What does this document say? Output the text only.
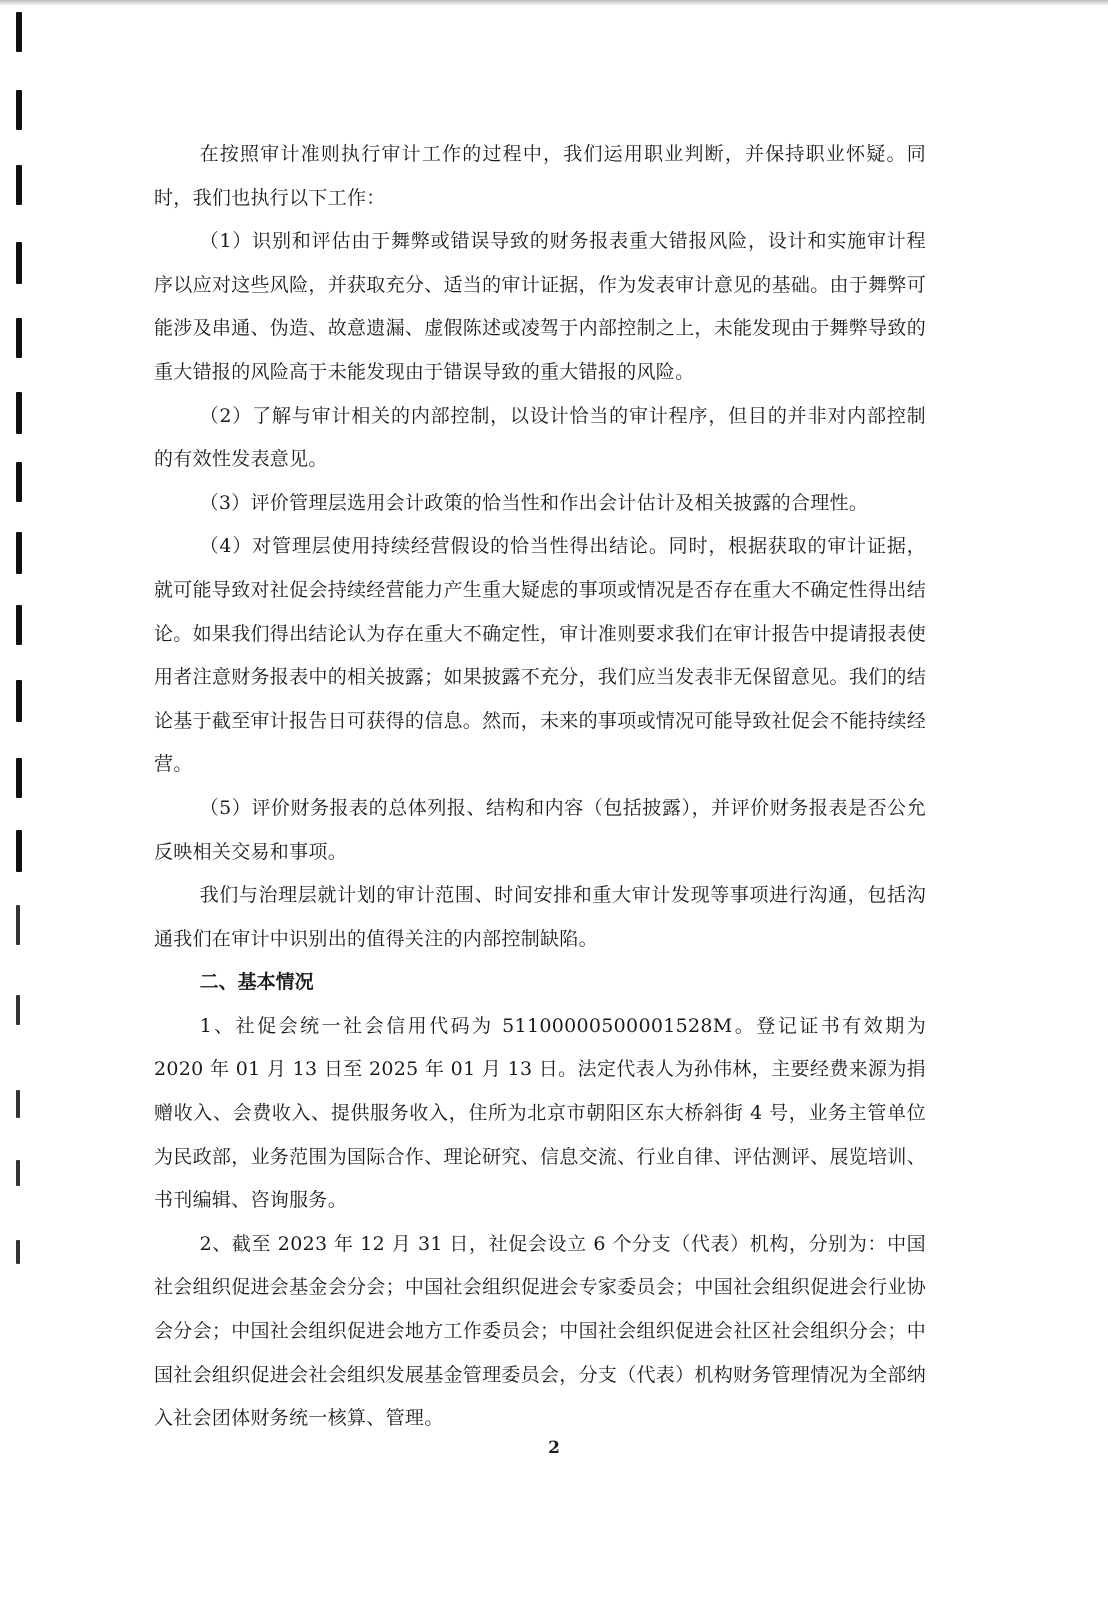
在按照审计准则执行审计工作的过程中，我们运用职业判断，并保持职业怀疑。同时，我们也执行以下工作：

（1）识别和评估由于舞弊或错误导致的财务报表重大错报风险，设计和实施审计程序以应对这些风险，并获取充分、适当的审计证据，作为发表审计意见的基础。由于舞弊可能涉及串通、伪造、故意遗漏、虚假陈述或凌驾于内部控制之上，未能发现由于舞弊导致的重大错报的风险高于未能发现由于错误导致的重大错报的风险。

（2）了解与审计相关的内部控制，以设计恰当的审计程序，但目的并非对内部控制的有效性发表意见。

（3）评价管理层选用会计政策的恰当性和作出会计估计及相关披露的合理性。

（4）对管理层使用持续经营假设的恰当性得出结论。同时，根据获取的审计证据，就可能导致对社促会持续经营能力产生重大疑虑的事项或情况是否存在重大不确定性得出结论。如果我们得出结论认为存在重大不确定性，审计准则要求我们在审计报告中提请报表使用者注意财务报表中的相关披露；如果披露不充分，我们应当发表非无保留意见。我们的结论基于截至审计报告日可获得的信息。然而，未来的事项或情况可能导致社促会不能持续经营。

（5）评价财务报表的总体列报、结构和内容（包括披露），并评价财务报表是否公允反映相关交易和事项。

我们与治理层就计划的审计范围、时间安排和重大审计发现等事项进行沟通，包括沟通我们在审计中识别出的值得关注的内部控制缺陷。

二、基本情况

1、社促会统一社会信用代码为 51100000500001528M。登记证书有效期为 2020 年 01 月 13 日至 2025 年 01 月 13 日。法定代表人为孙伟林，主要经费来源为捐赠收入、会费收入、提供服务收入，住所为北京市朝阳区东大桥斜街 4 号，业务主管单位为民政部，业务范围为国际合作、理论研究、信息交流、行业自律、评估测评、展览培训、书刊编辑、咨询服务。

2、截至 2023 年 12 月 31 日，社促会设立 6 个分支（代表）机构，分别为：中国社会组织促进会基金会分会；中国社会组织促进会专家委员会；中国社会组织促进会行业协会分会；中国社会组织促进会地方工作委员会；中国社会组织促进会社区社会组织分会；中国社会组织促进会社会组织发展基金管理委员会，分支（代表）机构财务管理情况为全部纳入社会团体财务统一核算、管理。

2
